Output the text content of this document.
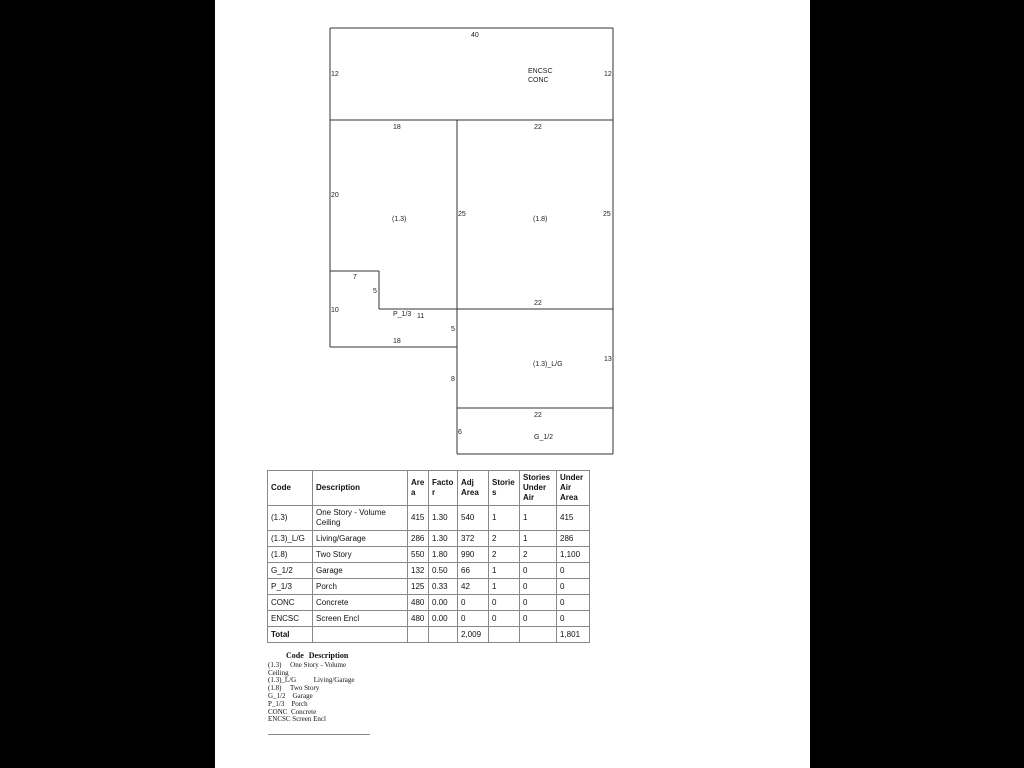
ENCSC
CONC
(1.3)	(1.8)
P_1/3
(1.3)_L/G
G_1/2
40
12	12
18	22
20
25	25
22
7
5
10
11
5
18
8
13
22
6
Code	Description	Are a	Facto r	Adj Area	Storie s	Stories Under Air	Under Air Area
(1.3)	One Story - Volume Ceiling	415	1.30	540	1	1	415
(1.3)_L/G	Living/Garage	286	1.30	372	2	1	286
(1.8)	Two Story	550	1.80	990	2	2	1,100
G_1/2	Garage	132	0.50	66	1	0	0
P_1/3	Porch	125	0.33	42	1	0	0
CONC	Concrete	480	0.00	0	0	0	0
ENCSC	Screen Encl	480	0.00	0	0	0	0
Total				2,009			1,801
Code Description
(1.3)     One Story - Volume
Ceiling
(1.3)_L/G          Living/Garage
(1.8)     Two Story
G_1/2    Garage
P_1/3    Porch
CONC  Concrete
ENCSC Screen Encl
